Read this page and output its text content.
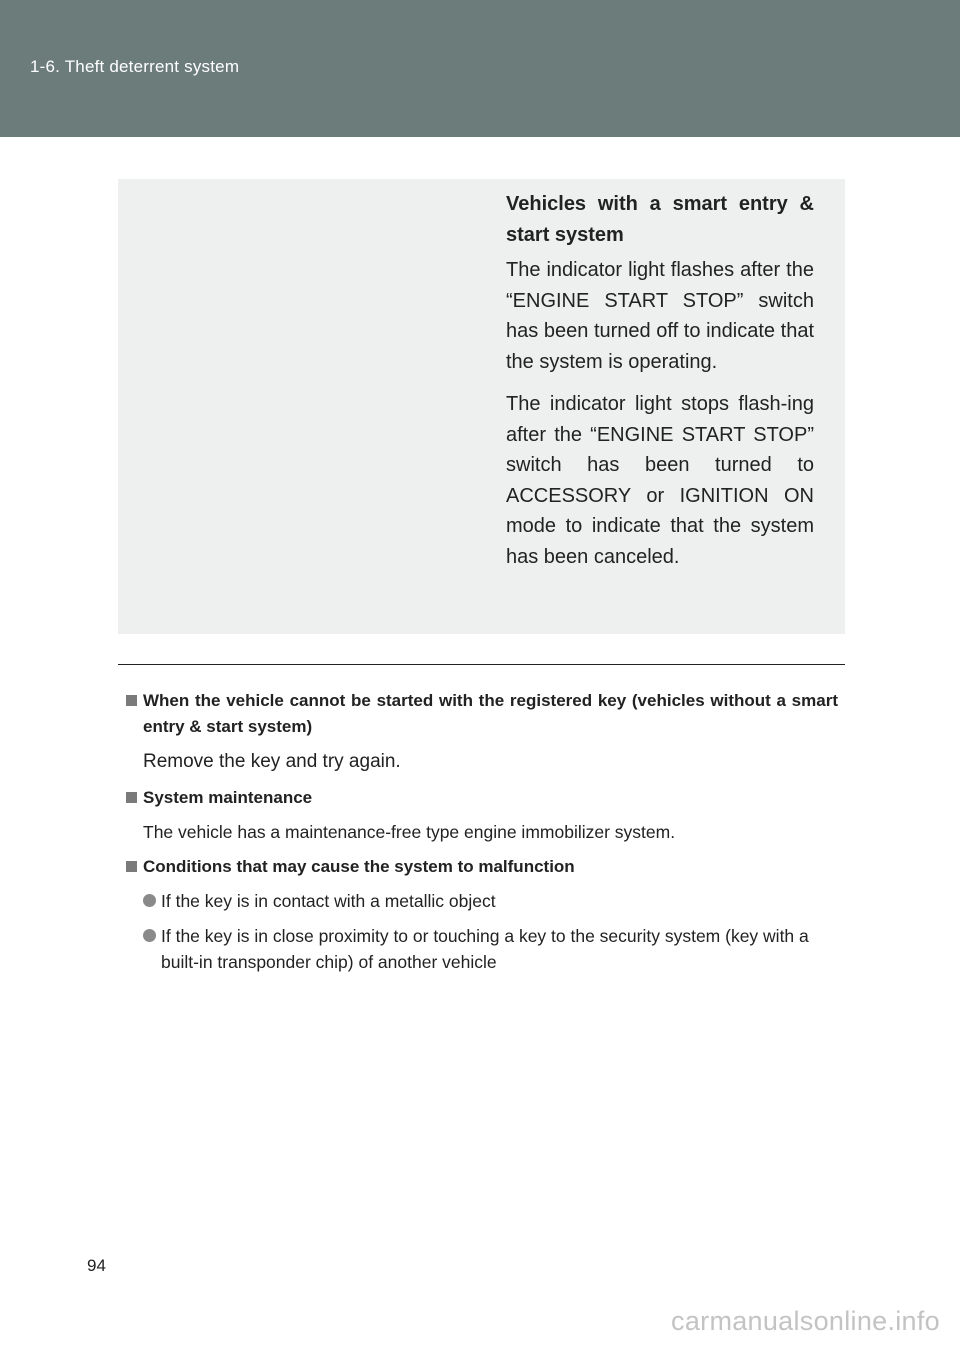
1-6. Theft deterrent system
Vehicles with a smart entry & start system

The indicator light flashes after the “ENGINE START STOP” switch has been turned off to indicate that the system is operating.

The indicator light stops flash-ing after the “ENGINE START STOP” switch has been turned to ACCESSORY or IGNITION ON mode to indicate that the system has been canceled.

When the vehicle cannot be started with the registered key (vehicles without a smart entry & start system)

Remove the key and try again.

System maintenance

The vehicle has a maintenance-free type engine immobilizer system.

Conditions that may cause the system to malfunction
If the key is in contact with a metallic object
If the key is in close proximity to or touching a key to the security system (key with a built-in transponder chip) of another vehicle
94
carmanualsonline.info
